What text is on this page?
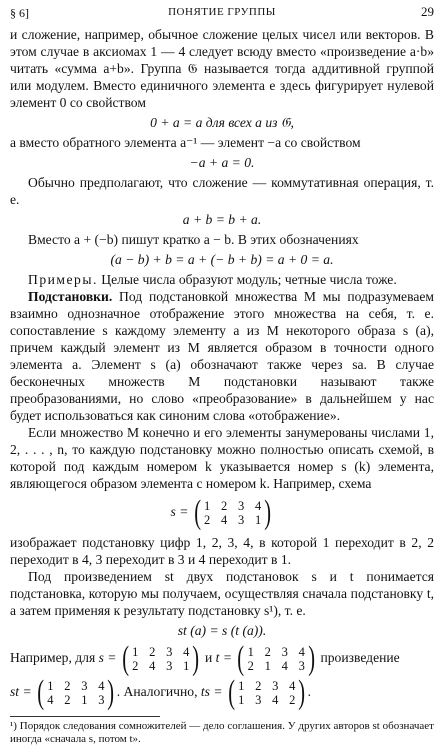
§ 6]	ПОНЯТИЕ ГРУППЫ	29

и сложение, например, обычное сложение целых чисел или векторов. В этом случае в аксиомах 1 — 4 следует всюду вместо «произведение a·b» читать «сумма a+b». Группа 𝔊 называется тогда аддитивной группой или модулем. Вместо единичного элемента e здесь фигурирует нулевой элемент 0 со свойством

0 + a = a для всех a из 𝔊,

а вместо обратного элемента a⁻¹ — элемент −a со свойством

−a + a = 0.

Обычно предполагают, что сложение — коммутативная операция, т. е.

a + b = b + a.

Вместо a + (−b) пишут кратко a − b. В этих обозначениях

(a − b) + b = a + (− b + b) = a + 0 = a.

Примеры. Целые числа образуют модуль; четные числа тоже.

Подстановки. Под подстановкой множества M мы подразумеваем взаимно однозначное отображение этого множества на себя, т. е. сопоставление s каждому элементу a из M некоторого образа s (a), причем каждый элемент из M является образом в точности одного элемента a. Элемент s (a) обозначают также через sa. В случае бесконечных множеств M подстановки называют также преобразованиями, но слово «преобразование» в дальнейшем у нас будет использоваться как синоним слова «отображение».

Если множество M конечно и его элементы занумерованы числами 1, 2, . . . , n, то каждую подстановку можно полностью описать схемой, в которой под каждым номером k указывается номер s (k) элемента, являющегося образом элемента с номером k. Например, схема

s = ( 1 2 3 4
2 4 3 1 )

изображает подстановку цифр 1, 2, 3, 4, в которой 1 переходит в 2, 2 переходит в 4, 3 переходит в 3 и 4 переходит в 1.

Под произведением st двух подстановок s и t понимается подстановка, которую мы получаем, осуществляя сначала подстановку t, а затем применяя к результату подстановку s¹), т. е.

st (a) = s (t (a)).

Например, для s = ( 1 2 3 4
2 4 3 1 ) и t = ( 1 2 3 4
2 1 4 3 ) произведение

st = ( 1 2 3 4
4 2 1 3 ) . Аналогично, ts = ( 1 2 3 4
1 3 4 2 ) .

¹) Порядок следования сомножителей — дело соглашения. У других авторов st обозначает иногда «сначала s, потом t».
